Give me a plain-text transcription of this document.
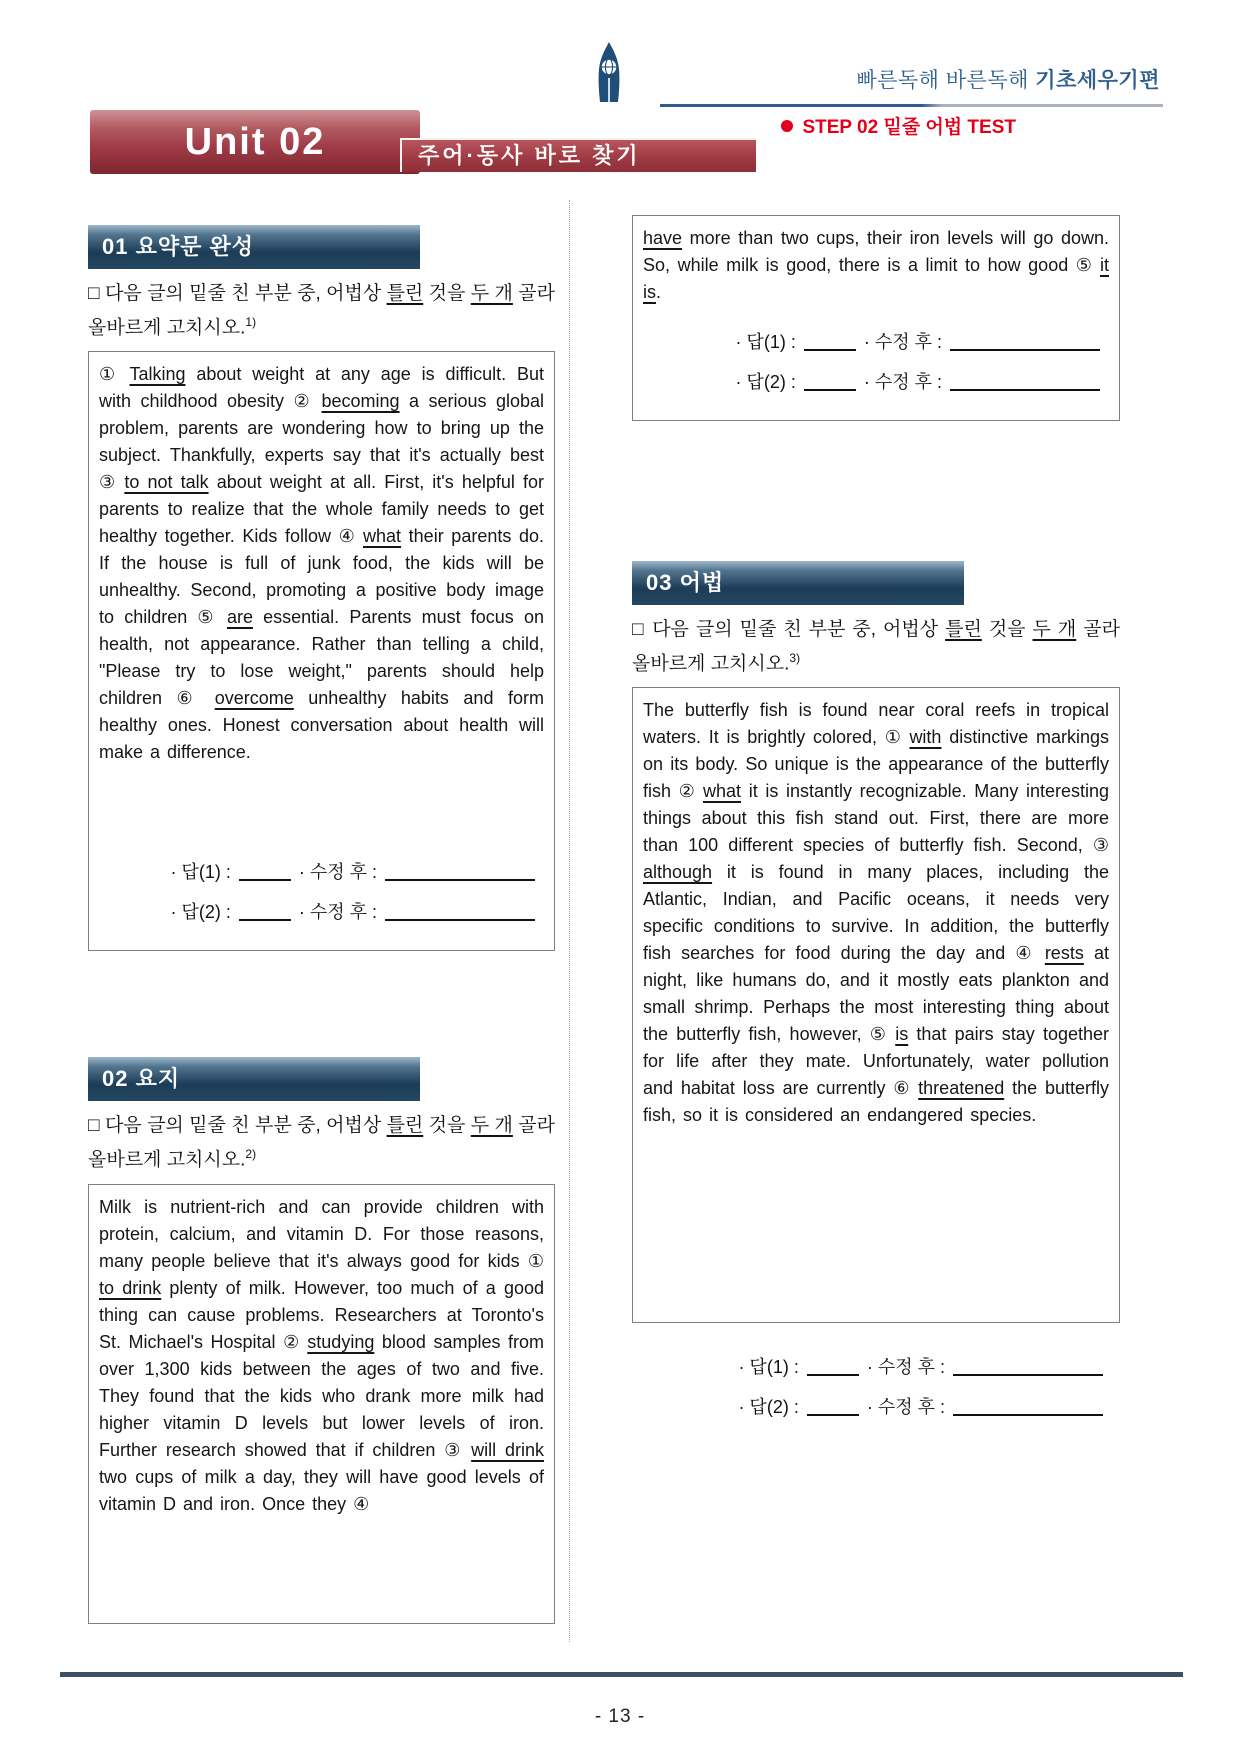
빠른독해 바른독해 기초세우기편
STEP 02 밑줄 어법 TEST
Unit 02	주어·동사 바로 찾기
01 요약문 완성

□ 다음 글의 밑줄 친 부분 중, 어법상 틀린 것을 두 개 골라 올바르게 고치시오.$^{1)}$

① Talking about weight at any age is difficult. But with childhood obesity ② becoming a serious global problem, parents are wondering how to bring up the subject. Thankfully, experts say that it's actually best ③ to not talk about weight at all. First, it's helpful for parents to realize that the whole family needs to get healthy together. Kids follow ④ what their parents do. If the house is full of junk food, the kids will be unhealthy. Second, promoting a positive body image to children ⑤ are essential. Parents must focus on health, not appearance. Rather than telling a child, "Please try to lose weight," parents should help children ⑥ overcome unhealthy habits and form healthy ones. Honest conversation about health will make a difference.

· 답(1) :	· 수정 후 :
· 답(2) :	· 수정 후 :
02 요지

□ 다음 글의 밑줄 친 부분 중, 어법상 틀린 것을 두 개 골라 올바르게 고치시오.$^{2)}$

Milk is nutrient-rich and can provide children with protein, calcium, and vitamin D. For those reasons, many people believe that it's always good for kids ① to drink plenty of milk. However, too much of a good thing can cause problems. Researchers at Toronto's St. Michael's Hospital ② studying blood samples from over 1,300 kids between the ages of two and five. They found that the kids who drank more milk had higher vitamin D levels but lower levels of iron. Further research showed that if children ③ will drink two cups of milk a day, they will have good levels of vitamin D and iron. Once they ④

have more than two cups, their iron levels will go down. So, while milk is good, there is a limit to how good ⑤ it is.

· 답(1) :	· 수정 후 :
· 답(2) :	· 수정 후 :
03 어법

□ 다음 글의 밑줄 친 부분 중, 어법상 틀린 것을 두 개 골라 올바르게 고치시오.$^{3)}$

The butterfly fish is found near coral reefs in tropical waters. It is brightly colored, ① with distinctive markings on its body. So unique is the appearance of the butterfly fish ② what it is instantly recognizable. Many interesting things about this fish stand out. First, there are more than 100 different species of butterfly fish. Second, ③ although it is found in many places, including the Atlantic, Indian, and Pacific oceans, it needs very specific conditions to survive. In addition, the butterfly fish searches for food during the day and ④ rests at night, like humans do, and it mostly eats plankton and small shrimp. Perhaps the most interesting thing about the butterfly fish, however, ⑤ is that pairs stay together for life after they mate. Unfortunately, water pollution and habitat loss are currently ⑥ threatened the butterfly fish, so it is considered an endangered species.

· 답(1) :	· 수정 후 :
· 답(2) :	· 수정 후 :
- 13 -
